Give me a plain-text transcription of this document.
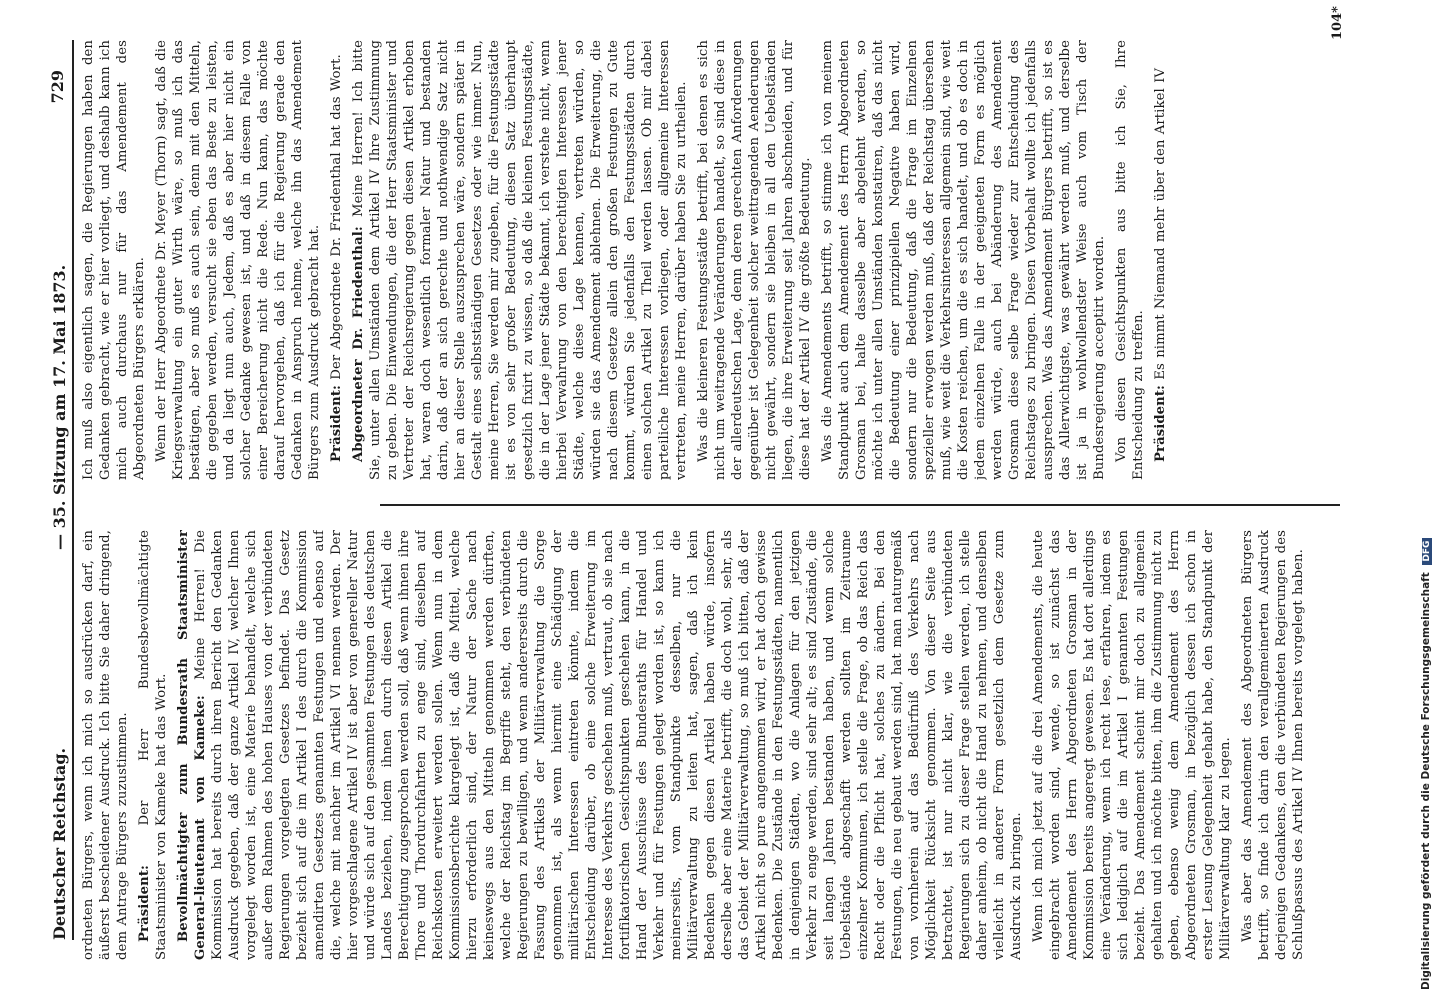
Deutscher Reichstag.
— 35. Sitzung am 17. Mai 1873.
729

ordneten Bürgers, wenn ich mich so ausdrücken darf, ein äußerst bescheidener Ausdruck. Ich bitte Sie daher dringend, dem Antrage Bürgers zuzustimmen. Präsident: Der Herr Bundesbevollmächtigte Staatsminister von Kameke hat das Wort. Bevollmächtigter zum Bundesrath Staatsminister General-lieutenant von Kameke: Meine Herren! Die Kommission hat bereits durch ihren Bericht den Gedanken Ausdruck gegeben, daß der ganze Artikel IV, welcher Ihnen vorgelegt worden ist, eine Materie behandelt, welche sich außer dem Rahmen des hohen Hauses von der verbündeten Regierungen vorgelegten Gesetzes befindet. Das Gesetz bezieht sich auf die im Artikel I des durch die Kommission amendirten Gesetzes genannten Festungen und ebenso auf die, welche mit nachher im Artikel VI nennen werden. Der hier vorgeschlagene Artikel IV ist aber von genereller Natur und würde sich auf den gesammten Festungen des deutschen Landes beziehen, indem ihnen durch diesen Artikel die Berechtigung zugesprochen werden soll, daß wenn ihnen ihre Thore und Thordurchfahrten zu enge sind, dieselben auf Reichskosten erweitert werden sollen. Wenn nun in dem Kommissionsberichte klargelegt ist, daß die Mittel, welche hierzu erforderlich sind, der Natur der Sache nach keineswegs aus den Mitteln genommen werden dürften, welche der Reichstag im Begriffe steht, den verbündeten Regierungen zu bewilligen, und wenn andererseits durch die Fassung des Artikels der Militärverwaltung die Sorge genommen ist, als wenn hiermit eine Schädigung der militärischen Interessen eintreten könnte, indem die Entscheidung darüber, ob eine solche Erweiterung im Interesse des Verkehrs geschehen muß, vertraut, ob sie nach fortifikatorischen Gesichtspunkten geschehen kann, in die Hand der Ausschüsse des Bundesraths für Handel und Verkehr und für Festungen gelegt worden ist, so kann ich meinerseits, vom Standpunkte desselben, nur die Militärverwaltung zu leiten hat, sagen, daß ich kein Bedenken gegen diesen Artikel haben würde, insofern derselbe aber eine Materie betrifft, die doch wohl, sehr, als das Gebiet der Militärverwaltung, so muß ich bitten, daß der Artikel nicht so pure angenommen wird, er hat doch gewisse Bedenken. Die Zustände in den Festungsstädten, namentlich in denjenigen Städten, wo die Anlagen für den jetzigen Verkehr zu enge werden, sind sehr alt; es sind Zustände, die seit langen Jahren bestanden haben, und wenn solche Uebelstände abgeschafft werden sollten im Zeitraume einzelner Kommunen, ich stelle die Frage, ob das Reich das Recht oder die Pflicht hat, solches zu ändern. Bei den Festungen, die neu gebaut werden sind, hat man naturgemäß von vornherein auf das Bedürfniß des Verkehrs nach Möglichkeit Rücksicht genommen. Von dieser Seite aus betrachtet, ist nur nicht klar, wie die verbündeten Regierungen sich zu dieser Frage stellen werden, ich stelle daher anheim, ob nicht die Hand zu nehmen, und denselben vielleicht in anderer Form gesetzlich dem Gesetze zum Ausdruck zu bringen. Wenn ich mich jetzt auf die drei Amendements, die heute eingebracht worden sind, wende, so ist zunächst das Amendement des Herrn Abgeordneten Grosman in der Kommission bereits angeregt gewesen. Es hat dort allerdings eine Veränderung, wenn ich recht lese, erfahren, indem es sich lediglich auf die im Artikel I genannten Festungen bezieht. Das Amendement scheint mir doch zu allgemein gehalten und ich möchte bitten, ihm die Zustimmung nicht zu geben, ebenso wenig dem Amendement des Herrn Abgeordneten Grosman, in bezüglich dessen ich schon in erster Lesung Gelegenheit gehabt habe, den Standpunkt der Militärverwaltung klar zu legen. Was aber das Amendement des Abgeordneten Bürgers betrifft, so finde ich darin den verallgemeinerten Ausdruck derjenigen Gedankens, den die verbündeten Regierungen des Schlußpassus des Artikel IV Ihnen bereits vorgelegt haben.

Ich muß also eigentlich sagen, die Regierungen haben den Gedanken gebracht, wie er hier vorliegt, und deshalb kann ich mich auch durchaus nur für das Amendement des Abgeordneten Bürgers erklären. Wenn der Herr Abgeordnete Dr. Meyer (Thorn) sagt, daß die Kriegsverwaltung ein guter Wirth wäre, so muß ich das bestätigen, aber so muß es auch sein, denn mit den Mitteln, die gegeben werden, versucht sie eben das Beste zu leisten, und da liegt nun auch, Jedem, daß es aber hier nicht ein solcher Gedanke gewesen ist, und daß in diesem Falle von einer Bereicherung nicht die Rede. Nun kann, das möchte darauf hervorgehen, daß ich für die Regierung gerade den Gedanken in Anspruch nehme, welche ihn das Amendement Bürgers zum Ausdruck gebracht hat. Präsident: Der Abgeordnete Dr. Friedenthal hat das Wort. Abgeordneter Dr. Friedenthal: Meine Herren! Ich bitte Sie, unter allen Umständen dem Artikel IV Ihre Zustimmung zu geben. Die Einwendungen, die der Herr Staatsminister und Vertreter der Reichsregierung gegen diesen Artikel erhoben hat, waren doch wesentlich formaler Natur und bestanden darin, daß der an sich gerechte und nothwendige Satz nicht hier an dieser Stelle auszusprechen wäre, sondern später in Gestalt eines selbstständigen Gesetzes oder wie immer. Nun, meine Herren, Sie werden mir zugeben, für die Festungsstädte ist es von sehr großer Bedeutung, diesen Satz überhaupt gesetzlich fixirt zu wissen, so daß die kleinen Festungsstädte, die in der Lage jener Städte bekannt, ich verstehe nicht, wenn hierbei Verwahrung von den berechtigten Interessen jener Städte, welche diese Lage kennen, vertreten würden, so würden sie das Amendement ablehnen. Die Erweiterung, die nach diesem Gesetze allein den großen Festungen zu Gute kommt, würden Sie jedenfalls den Festungsstädten durch einen solchen Artikel zu Theil werden lassen. Ob mir dabei parteiliche Interessen vorliegen, oder allgemeine Interessen vertreten, meine Herren, darüber haben Sie zu urtheilen. Was die kleineren Festungsstädte betrifft, bei denen es sich nicht um weitragende Veränderungen handelt, so sind diese in der allerdeutschen Lage, denn deren gerechten Anforderungen gegenüber ist Gelegenheit solcher weittragenden Aenderungen nicht gewährt, sondern sie bleiben in all den Uebelständen liegen, die ihre Erweiterung seit Jahren abschneiden, und für diese hat der Artikel IV die größte Bedeutung. Was die Amendements betrifft, so stimme ich von meinem Standpunkt auch dem Amendement des Herrn Abgeordneten Grosman bei, halte dasselbe aber abgelehnt werden, so möchte ich unter allen Umständen konstatiren, daß das nicht die Bedeutung einer prinzipiellen Negative haben wird, sondern nur die Bedeutung, daß die Frage im Einzelnen spezieller erwogen werden muß, daß der Reichstag übersehen muß, wie weit die Verkehrsinteressen allgemein sind, wie weit die Kosten reichen, um die es sich handelt, und ob es doch in jedem einzelnen Falle in der geeigneten Form es möglich werden würde, auch bei Abänderung des Amendement Grosman diese selbe Frage wieder zur Entscheidung des Reichstages zu bringen. Diesen Vorbehalt wollte ich jedenfalls aussprechen. Was das Amendement Bürgers betrifft, so ist es das Allerwichtigste, was gewährt werden muß, und derselbe ist ja in wohlwollendster Weise auch vom Tisch der Bundesregierung acceptirt worden. Von diesen Gesichtspunkten aus bitte ich Sie, Ihre Entscheidung zu treffen. Präsident: Es nimmt Niemand mehr über den Artikel IV

104*
Digitalisierung gefördert durch die Deutsche Forschungsgemeinschaft DFG
